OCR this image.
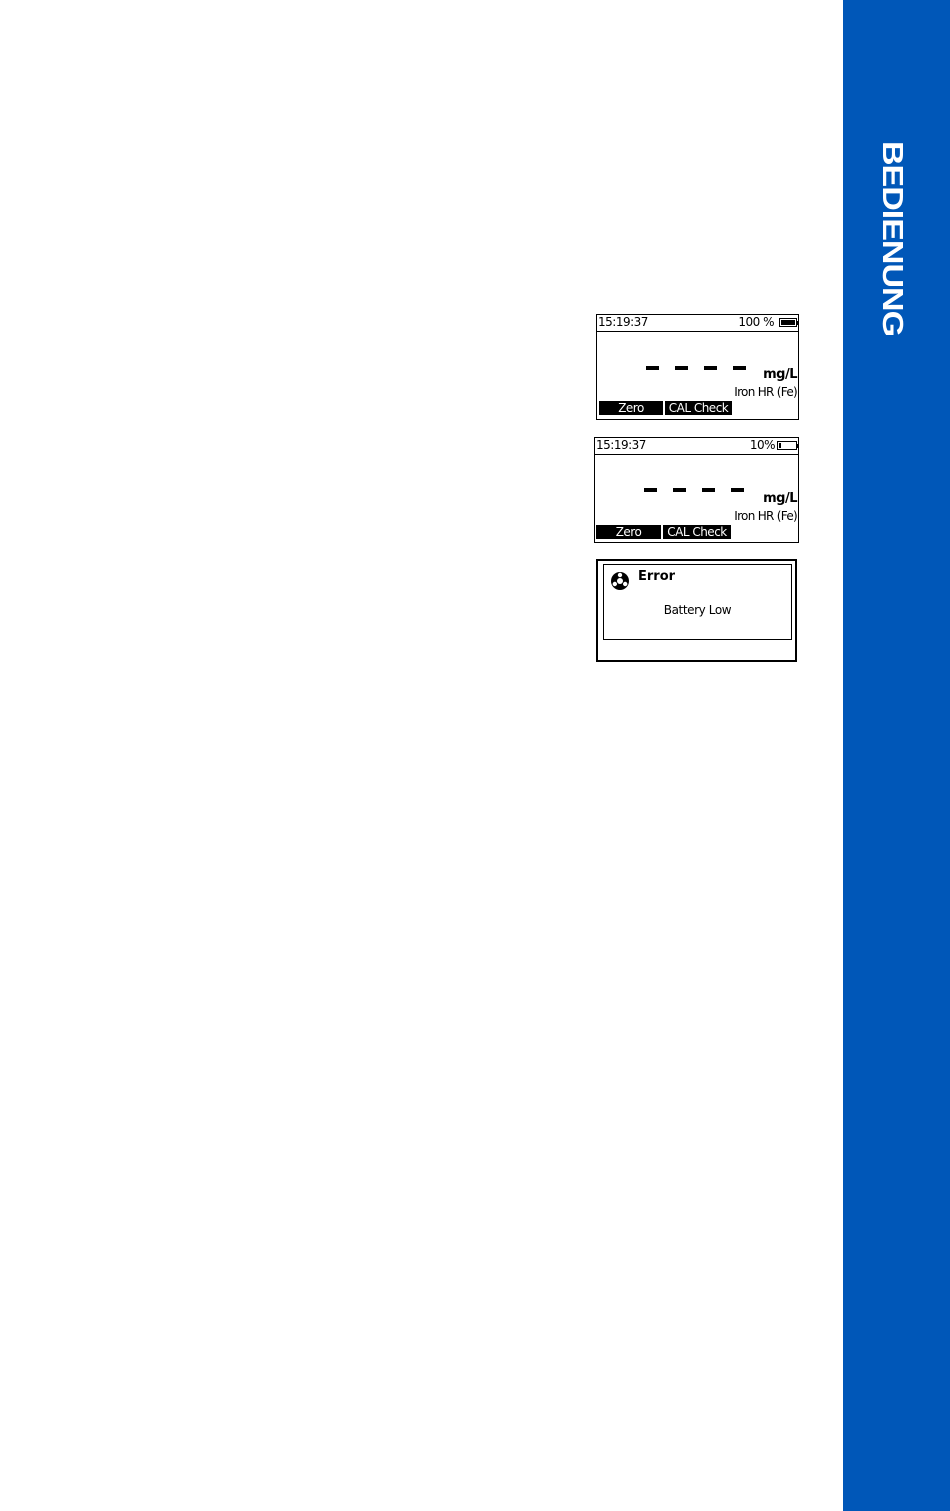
BEDIENUNG
15:19:37	100 %
mg/L
Iron HR (Fe)
Zero	CAL Check
15:19:37	10%
mg/L
Iron HR (Fe)
Zero	CAL Check
Error
Battery Low
